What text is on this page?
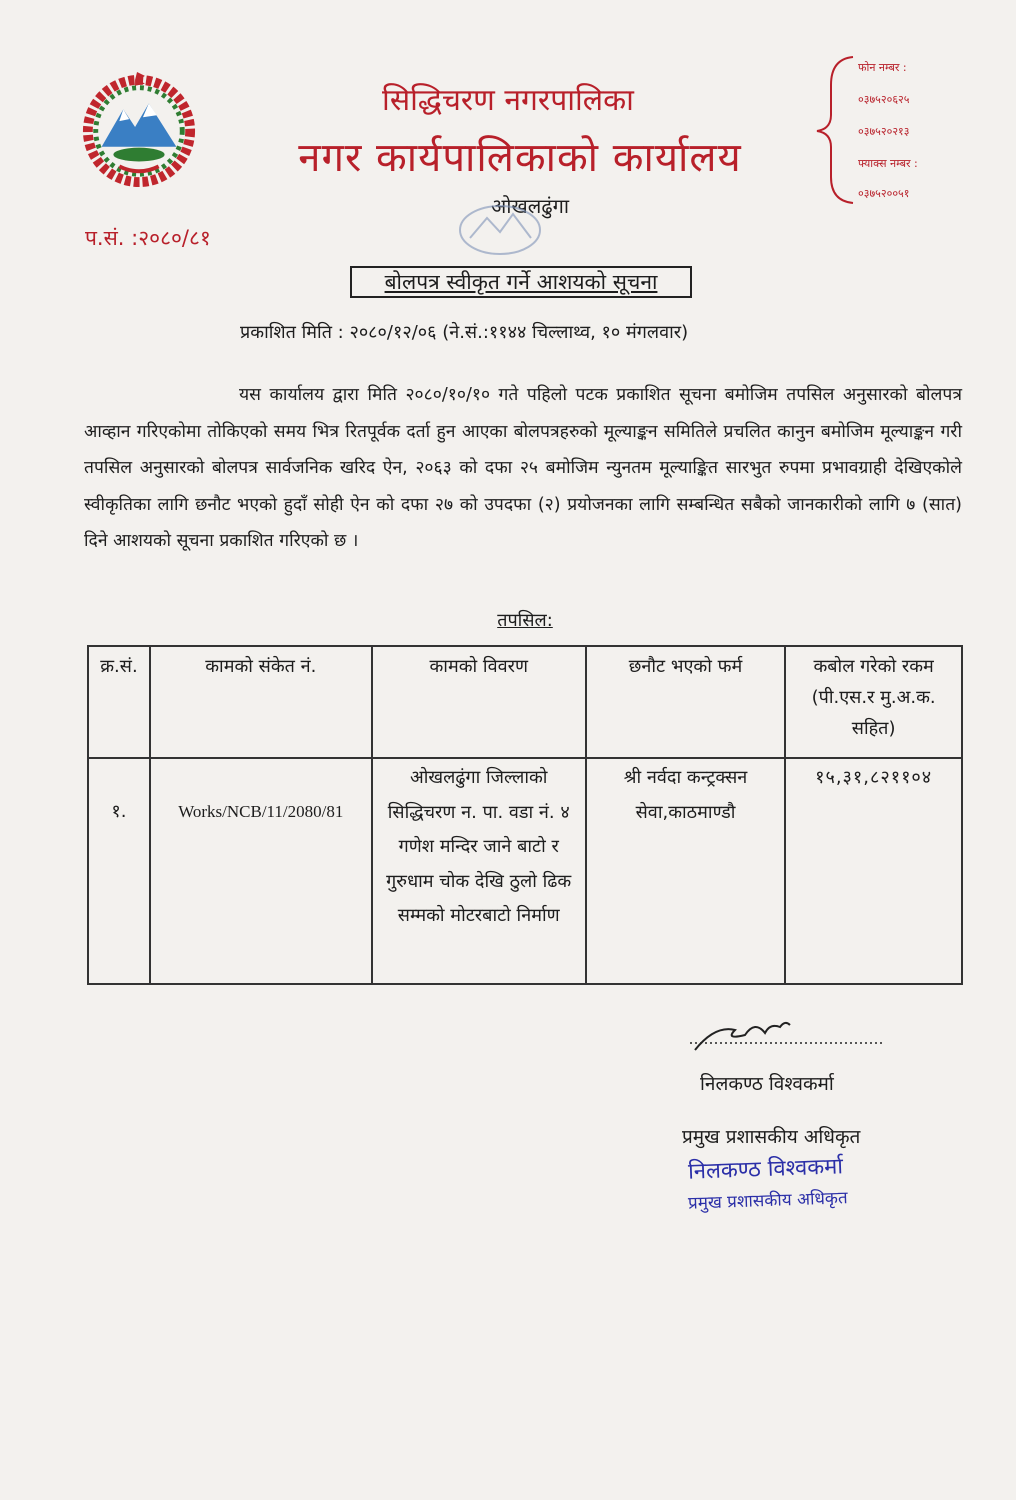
सिद्धिचरण नगरपालिका
नगर कार्यपालिकाको कार्यालय
ओखलढुंगा
फोन नम्बर :
०३७५२०६२५
०३७५२०२१३
फ्याक्स नम्बर :
०३७५२००५१
प.सं. :२०८०/८१
बोलपत्र स्वीकृत गर्ने आशयको सूचना
प्रकाशित मिति : २०८०/१२/०६ (ने.सं.:११४४ चिल्लाथ्व, १० मंगलवार)

यस कार्यालय द्वारा मिति २०८०/१०/१० गते पहिलो पटक प्रकाशित सूचना बमोजिम तपसिल अनुसारको बोलपत्र आव्हान गरिएकोमा तोकिएको समय भित्र रितपूर्वक दर्ता हुन आएका बोलपत्रहरुको मूल्याङ्कन समितिले प्रचलित कानुन बमोजिम मूल्याङ्कन गरी तपसिल अनुसारको बोलपत्र सार्वजनिक खरिद ऐन, २०६३ को दफा २५ बमोजिम न्युनतम मूल्याङ्कित सारभुत रुपमा प्रभावग्राही देखिएकोले स्वीकृतिका लागि छनौट भएको हुदाँ सोही ऐन को दफा २७ को उपदफा (२) प्रयोजनका लागि सम्बन्धित सबैको जानकारीको लागि ७ (सात) दिने आशयको सूचना प्रकाशित गरिएको छ ।

तपसिल:
क्र.सं.	कामको संकेत नं.	कामको विवरण	छनौट भएको फर्म	कबोल गरेको रकम (पी.एस.र मु.अ.क. सहित)
१.	Works/NCB/11/2080/81	ओखलढुंगा जिल्लाको सिद्धिचरण न. पा. वडा नं. ४ गणेश मन्दिर जाने बाटो र गुरुधाम चोक देखि ठुलो ढिक सम्मको मोटरबाटो निर्माण	श्री नर्वदा कन्ट्रक्सन सेवा,काठमाण्डौ	१५,३१,८२११०४
निलकण्ठ विश्वकर्मा
प्रमुख प्रशासकीय अधिकृत
निलकण्ठ विश्वकर्मा
प्रमुख प्रशासकीय अधिकृत
